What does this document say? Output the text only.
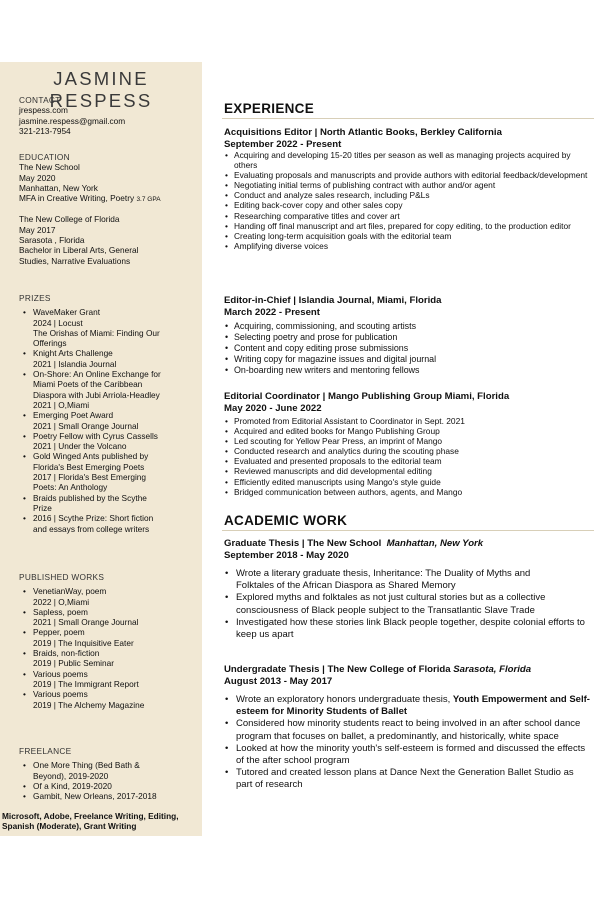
JASMINE RESPESS
CONTACT
jrespess.com
jasmine.respess@gmail.com
321-213-7954
EDUCATION
The New School
May 2020
Manhattan, New York
MFA in Creative Writing, Poetry 3.7 GPA
The New College of Florida
May 2017
Sarasota , Florida
Bachelor in Liberal Arts, General
Studies, Narrative Evaluations
PRIZES
• WaveMaker Grant
2024 | Locust
The Orishas of Miami: Finding Our
Offerings
• Knight Arts Challenge
2021 | Islandia Journal
• On-Shore: An Online Exchange for
Miami Poets of the Caribbean
Diaspora with Jubi Arriola-Headley
2021 | O,Miami
• Emerging Poet Award
2021 | Small Orange Journal
• Poetry Fellow with Cyrus Cassells
2021 | Under the Volcano
• Gold Winged Ants published by
Florida's Best Emerging Poets
2017 | Florida's Best Emerging
Poets: An Anthology
• Braids published by the Scythe
Prize
• 2016 | Scythe Prize: Short fiction
and essays from college writers
PUBLISHED WORKS
• VenetianWay, poem
2022 | O,Miami
• Sapless, poem
2021 | Small Orange Journal
• Pepper, poem
2019 | The Inquisitive Eater
• Braids, non-fiction
2019 | Public Seminar
• Various poems
2019 | The Immigrant Report
• Various poems
2019 | The Alchemy Magazine
FREELANCE
• One More Thing (Bed Bath &
Beyond), 2019-2020
• Of a Kind, 2019-2020
• Gambit, New Orleans, 2017-2018
Microsoft, Adobe, Freelance Writing, Editing,
Spanish (Moderate), Grant Writing
EXPERIENCE
Acquisitions Editor | North Atlantic Books, Berkley California
September 2022 - Present
• Acquiring and developing 15-20 titles per season as well as managing projects acquired by others
• Evaluating proposals and manuscripts and provide authors with editorial feedback/development
• Negotiating initial terms of publishing contract with author and/or agent
• Conduct and analyze sales research, including P&Ls
• Editing back-cover copy and other sales copy
• Researching comparative titles and cover art
• Handing off final manuscript and art files, prepared for copy editing, to the production editor
• Creating long-term acquisition goals with the editorial team
• Amplifying diverse voices
Editor-in-Chief | Islandia Journal, Miami, Florida
March 2022 - Present
• Acquiring, commissioning, and scouting artists
• Selecting poetry and prose for publication
• Content and copy editing prose submissions
• Writing copy for magazine issues and digital journal
• On-boarding new writers and mentoring fellows
Editorial Coordinator | Mango Publishing Group Miami, Florida
May 2020 - June 2022
• Promoted from Editorial Assistant to Coordinator in Sept. 2021
• Acquired and edited books for Mango Publishing Group
• Led scouting for Yellow Pear Press, an imprint of Mango
• Conducted research and analytics during the scouting phase
• Evaluated and presented proposals to the editorial team
• Reviewed manuscripts and did developmental editing
• Efficiently edited manuscripts using Mango's style guide
• Bridged communication between authors, agents, and Mango
ACADEMIC WORK
Graduate Thesis | The New School Manhattan, New York
September 2018 - May 2020
• Wrote a literary graduate thesis, Inheritance: The Duality of Myths and
Folktales of the African Diaspora as Shared Memory
• Explored myths and folktales as not just cultural stories but as a collective consciousness of Black people subject to the Transatlantic Slave Trade
• Investigated how these stories link Black people together, despite colonial efforts to keep us apart
Undergradate Thesis | The New College of Florida Sarasota, Florida
August 2013 - May 2017
• Wrote an exploratory honors undergraduate thesis, Youth Empowerment and Self-esteem for Minority Students of Ballet
• Considered how minority students react to being involved in an after school dance program that focuses on ballet, a predominantly, and historically, white space
• Looked at how the minority youth's self-esteem is formed and discussed the effects of the after school program
• Tutored and created lesson plans at Dance Next the Generation Ballet Studio as part of research
